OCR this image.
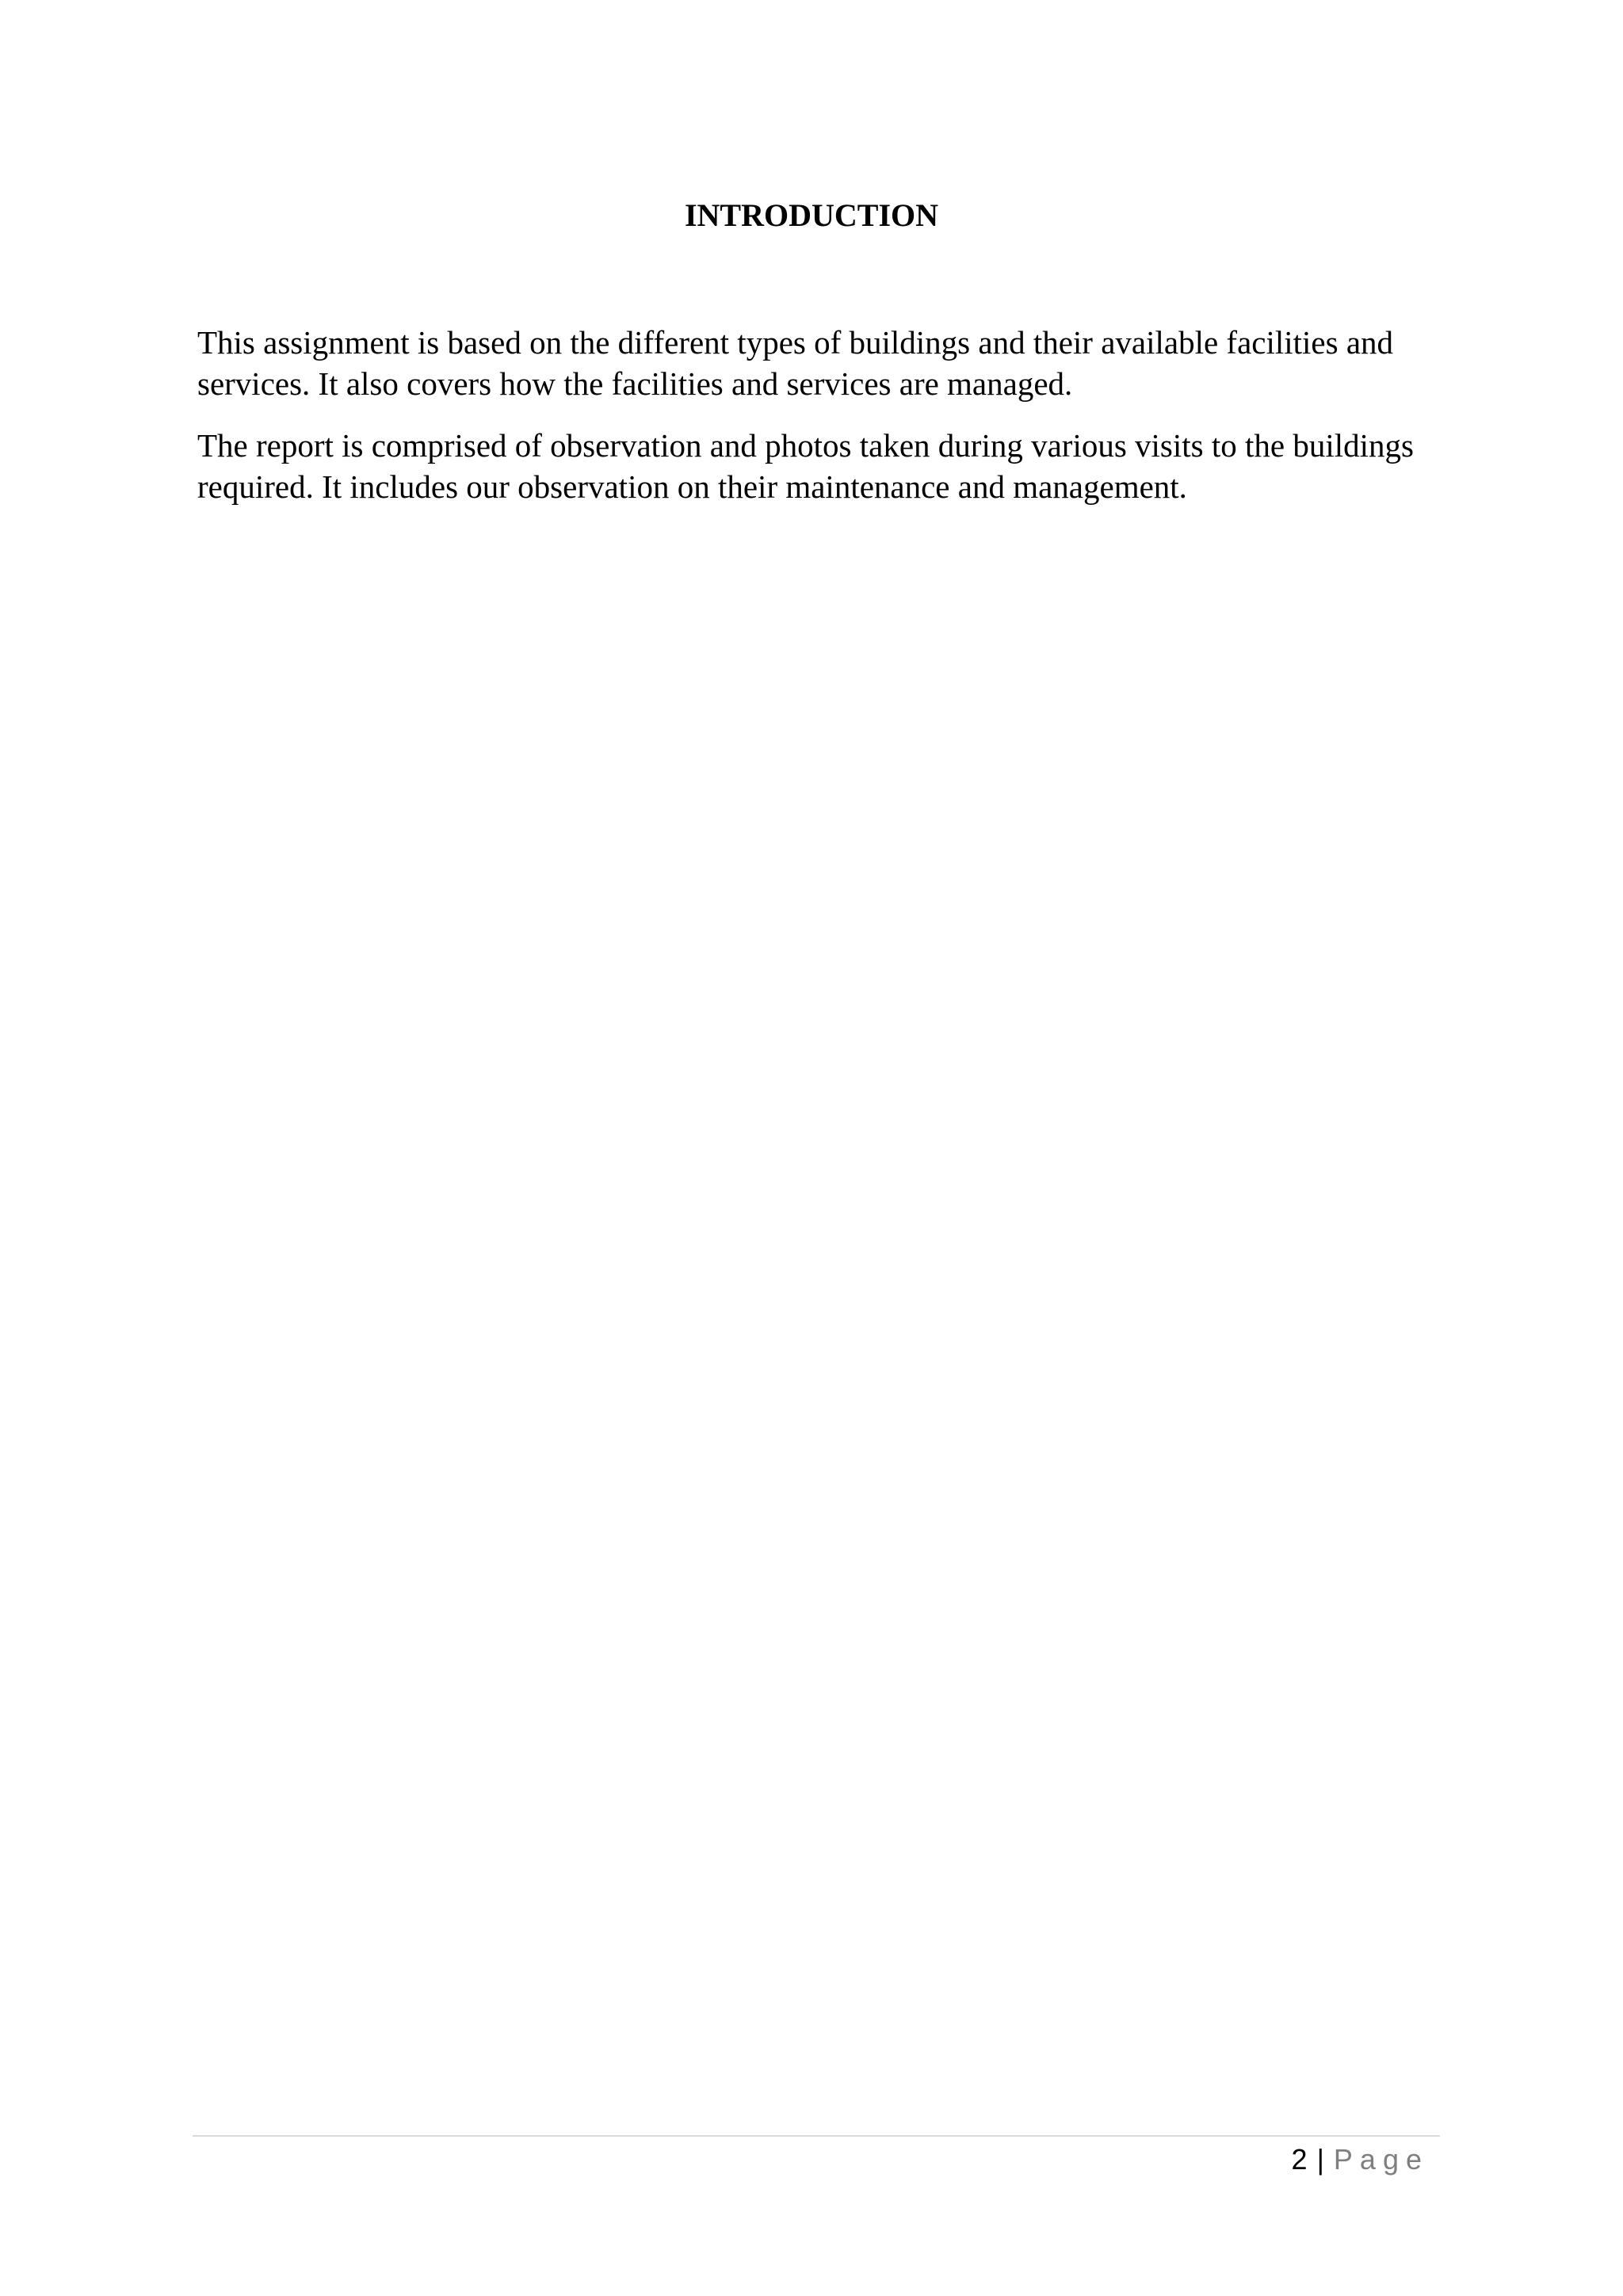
INTRODUCTION

This assignment is based on the different types of buildings and their available facilities and
services. It also covers how the facilities and services are managed.

The report is comprised of observation and photos taken during various visits to the buildings
required. It includes our observation on their maintenance and management.

2 | Page
